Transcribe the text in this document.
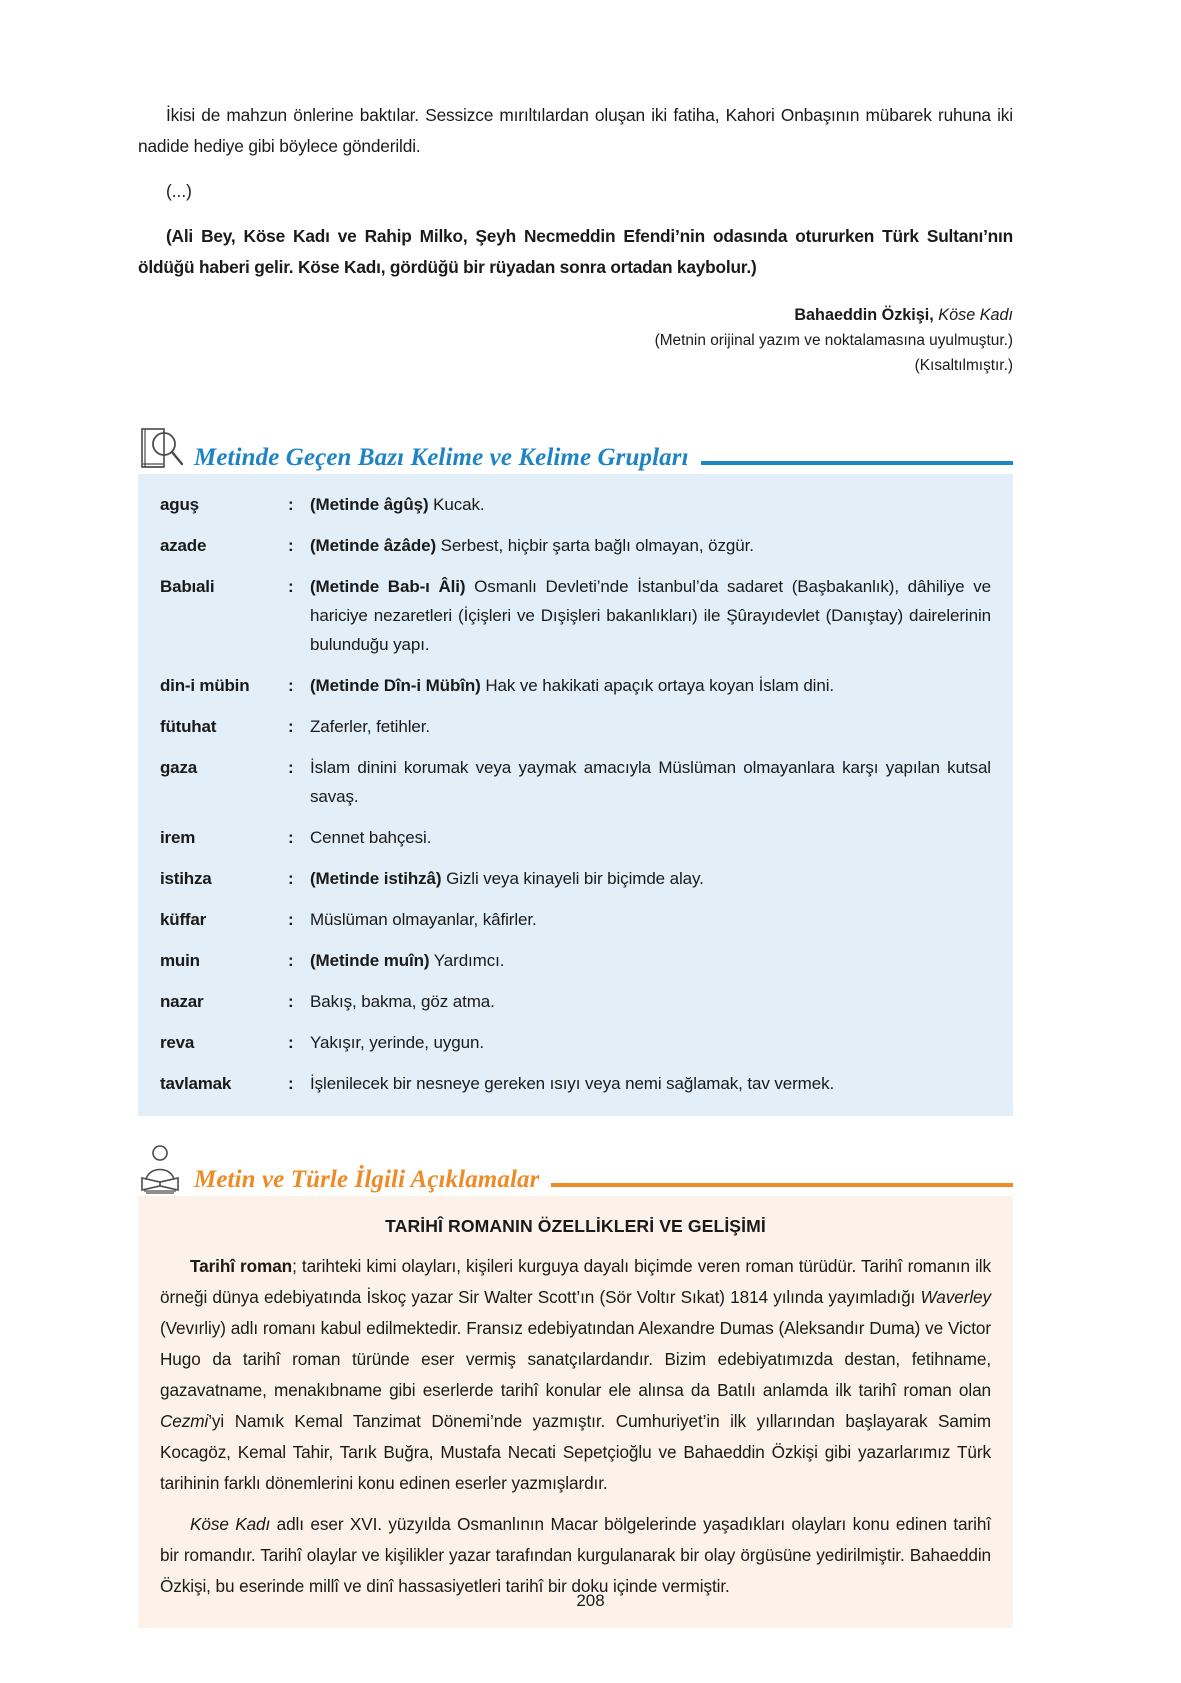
İkisi de mahzun önlerine baktılar. Sessizce mırıltılardan oluşan iki fatiha, Kahori Onbaşının mübarek ruhuna iki nadide hediye gibi böylece gönderildi.

(...)

(Ali Bey, Köse Kadı ve Rahip Milko, Şeyh Necmeddin Efendi’nin odasında otururken Türk Sultanı’nın öldüğü haberi gelir. Köse Kadı, gördüğü bir rüyadan sonra ortadan kaybolur.)

Bahaeddin Özkişi, Köse Kadı
(Metnin orijinal yazım ve noktalamasına uyulmuştur.)
(Kısaltılmıştır.)
Metinde Geçen Bazı Kelime ve Kelime Grupları
aguş	: (Metinde âgûş) Kucak.
azade	: (Metinde âzâde) Serbest, hiçbir şarta bağlı olmayan, özgür.
Babıali	: (Metinde Bab-ı Âli) Osmanlı Devleti’nde İstanbul’da sadaret (Başbakanlık), dâhiliye ve hariciye nezaretleri (İçişleri ve Dışişleri bakanlıkları) ile Şûrayıdevlet (Danıştay) dairelerinin bulunduğu yapı.
din-i mübin	: (Metinde Dîn-i Mübîn) Hak ve hakikati apaçık ortaya koyan İslam dini.
fütuhat	: Zaferler, fetihler.
gaza	: İslam dinini korumak veya yaymak amacıyla Müslüman olmayanlara karşı yapılan kutsal savaş.
irem	: Cennet bahçesi.
istihza	: (Metinde istihzâ) Gizli veya kinayeli bir biçimde alay.
küffar	: Müslüman olmayanlar, kâfirler.
muin	: (Metinde muîn) Yardımcı.
nazar	: Bakış, bakma, göz atma.
reva	: Yakışır, yerinde, uygun.
tavlamak	: İşlenilecek bir nesneye gereken ısıyı veya nemi sağlamak, tav vermek.
Metin ve Türle İlgili Açıklamalar
TARİHÎ ROMANIN ÖZELLİKLERİ VE GELİŞİMİ

Tarihî roman; tarihteki kimi olayları, kişileri kurguya dayalı biçimde veren roman türüdür. Tarihî romanın ilk örneği dünya edebiyatında İskoç yazar Sir Walter Scott’ın (Sör Voltır Sıkat) 1814 yılında yayımladığı Waverley (Vevırliy) adlı romanı kabul edilmektedir. Fransız edebiyatından Alexandre Dumas (Aleksandır Duma) ve Victor Hugo da tarihî roman türünde eser vermiş sanatçılardandır. Bizim edebiyatımızda destan, fetihname, gazavatname, menakıbname gibi eserlerde tarihî konular ele alınsa da Batılı anlamda ilk tarihî roman olan Cezmi’yi Namık Kemal Tanzimat Dönemi’nde yazmıştır. Cumhuriyet’in ilk yıllarından başlayarak Samim Kocagöz, Kemal Tahir, Tarık Buğra, Mustafa Necati Sepetçioğlu ve Bahaeddin Özkişi gibi yazarlarımız Türk tarihinin farklı dönemlerini konu edinen eserler yazmışlardır.

Köse Kadı adlı eser XVI. yüzyılda Osmanlının Macar bölgelerinde yaşadıkları olayları konu edinen tarihî bir romandır. Tarihî olaylar ve kişilikler yazar tarafından kurgulanarak bir olay örgüsüne yedirilmiştir. Bahaeddin Özkişi, bu eserinde millî ve dinî hassasiyetleri tarihî bir doku içinde vermiştir.

208
